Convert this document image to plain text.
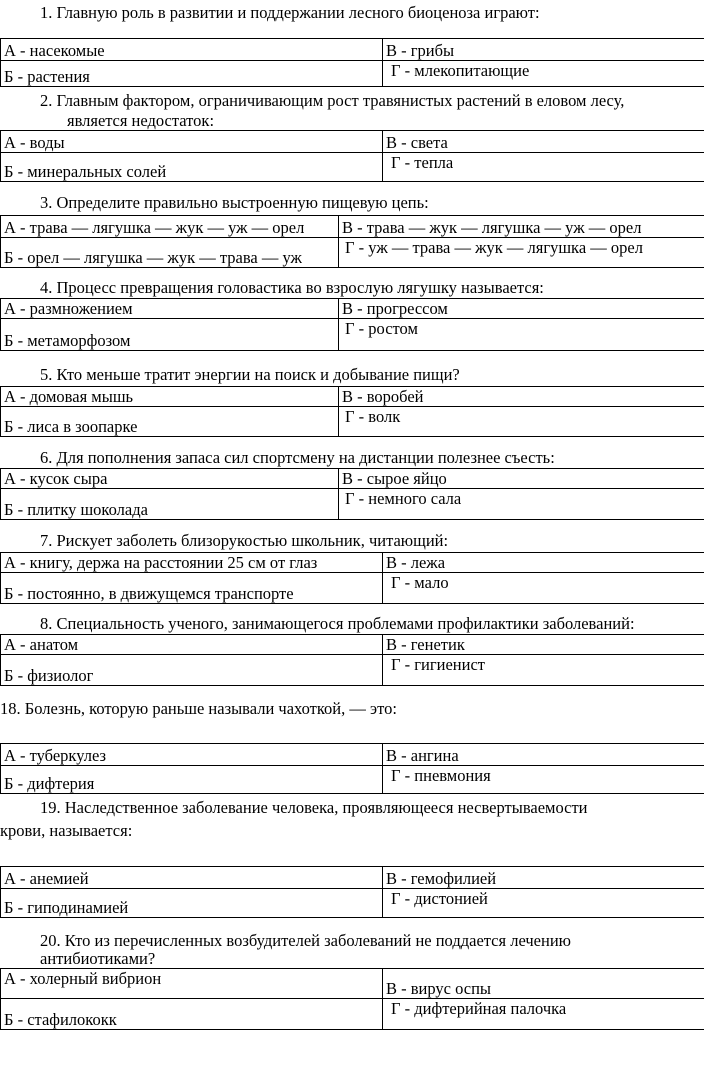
1. Главную роль в развитии и поддержании лесного биоценоза играют:
А - насекомые	В - грибы
Б - растения	Г - млекопитающие
2. Главным фактором, ограничивающим рост травянистых растений в еловом лесу,
являетcя недостаток:
А - воды	В - света
Б - минеральных солей	Г - тепла
3. Определите правильно выстроенную пищевую цепь:
А - трава — лягушка — жук — уж — орел	В - трава — жук — лягушка — уж — орел
Б - орел — лягушка — жук — трава — уж	Г - уж — трава — жук — лягушка — орел
4. Процесс превращения головастика во взрослую лягушку называется:
А - размножением	В - прогрессом
Б - метаморфозом	Г - ростом
5. Кто меньше тратит энергии на поиск и добывание пищи?
А - домовая мышь	В - воробей
Б - лиса в зоопарке	Г - волк
6. Для пополнения запаса сил спортсмену на дистанции полезнее съесть:
А - кусок сыра	В - сырое яйцо
Б - плитку шоколада	Г - немного сала
7. Рискует заболеть близорукостью школьник, читающий:
А - книгу, держа на расстоянии 25 см от глаз	В - лежа
Б - постоянно, в движущемся транспорте	Г - мало
8. Специальность ученого, занимающегося проблемами профилактики заболеваний:
А - анатом	В - генетик
Б - физиолог	Г - гигиенист
18. Болезнь, которую раньше называли чахоткой, — это:
А - туберкулез	В - ангина
Б - дифтерия	Г - пневмония
19. Наследственное заболевание человека, проявляющееся несвертываемости
крови, называется:
А - анемией	В - гемофилией
Б - гиподинамией	Г - дистонией
20. Кто из перечисленных возбудителей заболеваний не поддается лечению
антибиотиками?
А - холерный вибрион	В - вирус оспы
Б - стафилококк	Г - дифтерийная палочка
